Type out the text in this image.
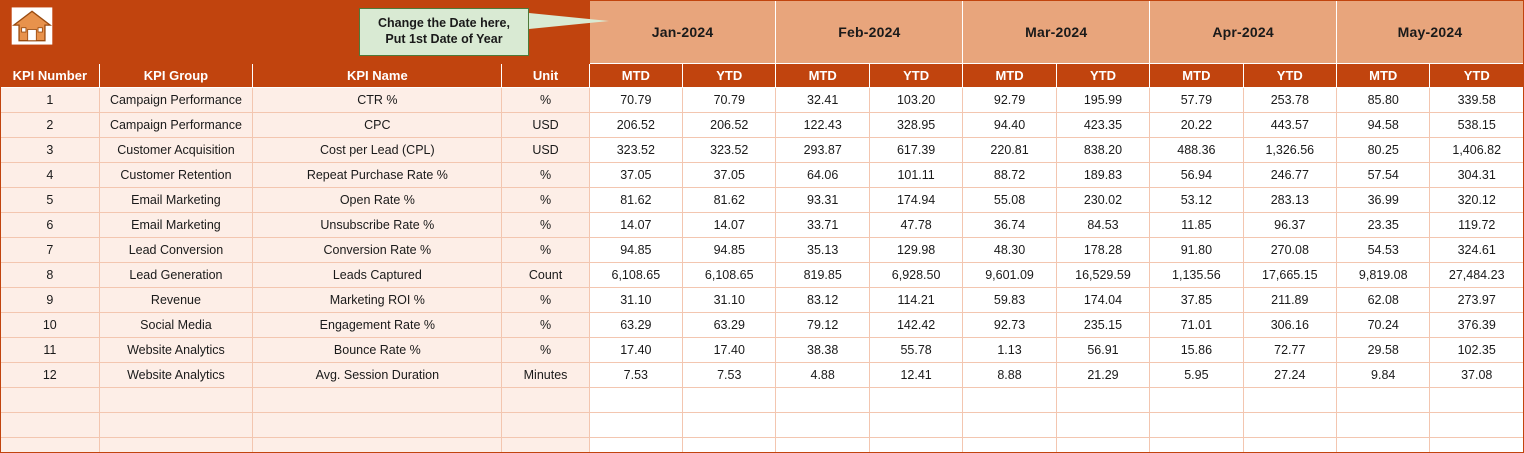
Change the Date here,
Put 1st Date of Year				Jan-2024		Feb-2024		Mar-2024		Apr-2024		May-2024	
KPI Number	KPI Group	KPI Name	Unit	MTD	YTD	MTD	YTD	MTD	YTD	MTD	YTD	MTD	YTD
1	Campaign Performance	CTR %	%	70.79	70.79	32.41	103.20	92.79	195.99	57.79	253.78	85.80	339.58
2	Campaign Performance	CPC	USD	206.52	206.52	122.43	328.95	94.40	423.35	20.22	443.57	94.58	538.15
3	Customer Acquisition	Cost per Lead (CPL)	USD	323.52	323.52	293.87	617.39	220.81	838.20	488.36	1,326.56	80.25	1,406.82
4	Customer Retention	Repeat Purchase Rate %	%	37.05	37.05	64.06	101.11	88.72	189.83	56.94	246.77	57.54	304.31
5	Email Marketing	Open Rate %	%	81.62	81.62	93.31	174.94	55.08	230.02	53.12	283.13	36.99	320.12
6	Email Marketing	Unsubscribe Rate %	%	14.07	14.07	33.71	47.78	36.74	84.53	11.85	96.37	23.35	119.72
7	Lead Conversion	Conversion Rate %	%	94.85	94.85	35.13	129.98	48.30	178.28	91.80	270.08	54.53	324.61
8	Lead Generation	Leads Captured	Count	6,108.65	6,108.65	819.85	6,928.50	9,601.09	16,529.59	1,135.56	17,665.15	9,819.08	27,484.23
9	Revenue	Marketing ROI %	%	31.10	31.10	83.12	114.21	59.83	174.04	37.85	211.89	62.08	273.97
10	Social Media	Engagement Rate %	%	63.29	63.29	79.12	142.42	92.73	235.15	71.01	306.16	70.24	376.39
11	Website Analytics	Bounce Rate %	%	17.40	17.40	38.38	55.78	1.13	56.91	15.86	72.77	29.58	102.35
12	Website Analytics	Avg. Session Duration	Minutes	7.53	7.53	4.88	12.41	8.88	21.29	5.95	27.24	9.84	37.08
